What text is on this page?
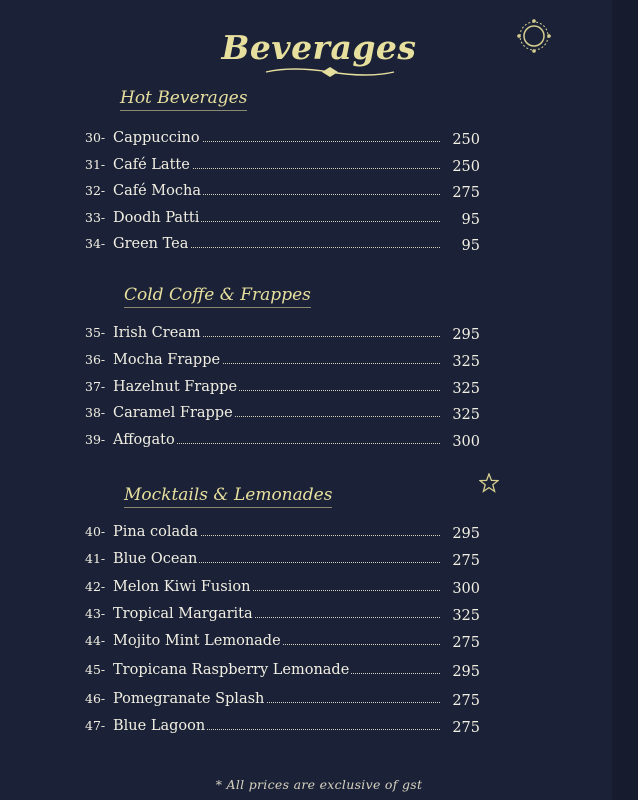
Beverages
Hot Beverages
30- Cappuccino	250
31- Café Latte	250
32- Café Mocha	275
33- Doodh Patti	95
34- Green Tea	95
Cold Coffe & Frappes
35- Irish Cream	295
36- Mocha Frappe	325
37- Hazelnut Frappe	325
38- Caramel Frappe	325
39- Affogato	300
Mocktails & Lemonades
40- Pina colada	295
41- Blue Ocean	275
42- Melon Kiwi Fusion	300
43- Tropical Margarita	325
44- Mojito Mint Lemonade	275
45- Tropicana Raspberry Lemonade	295
46- Pomegranate Splash	275
47- Blue Lagoon	275
* All prices are exclusive of gst
